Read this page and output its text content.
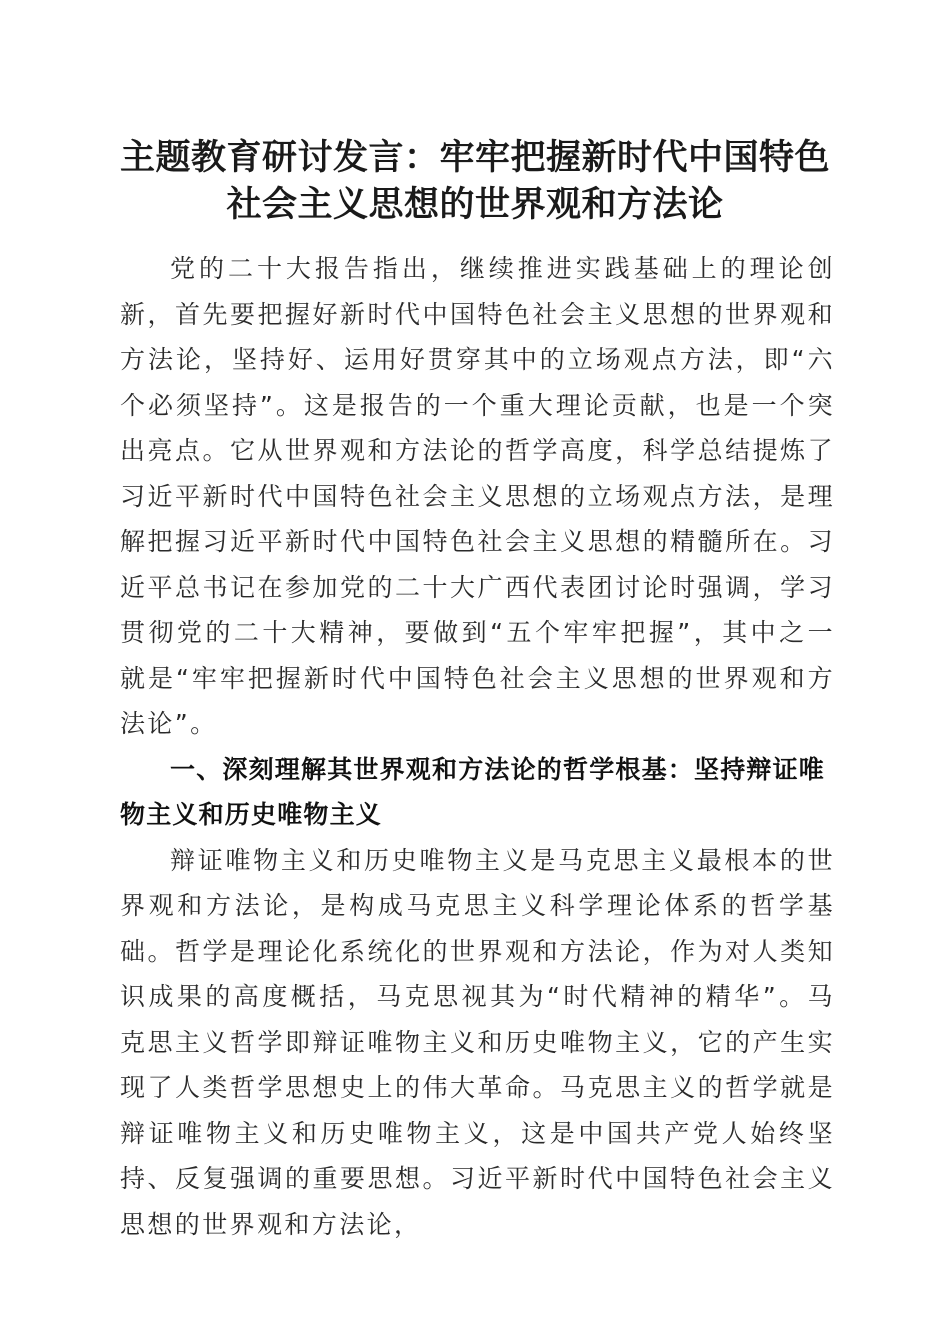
主题教育研讨发言：牢牢把握新时代中国特色
社会主义思想的世界观和方法论

党的二十大报告指出，继续推进实践基础上的理论创新，首先要把握好新时代中国特色社会主义思想的世界观和方法论，坚持好、运用好贯穿其中的立场观点方法，即“六个必须坚持”。这是报告的一个重大理论贡献，也是一个突出亮点。它从世界观和方法论的哲学高度，科学总结提炼了习近平新时代中国特色社会主义思想的立场观点方法，是理解把握习近平新时代中国特色社会主义思想的精髓所在。习近平总书记在参加党的二十大广西代表团讨论时强调，学习贯彻党的二十大精神，要做到“五个牢牢把握”，其中之一就是“牢牢把握新时代中国特色社会主义思想的世界观和方法论”。

一、深刻理解其世界观和方法论的哲学根基：坚持辩证唯物主义和历史唯物主义

辩证唯物主义和历史唯物主义是马克思主义最根本的世界观和方法论，是构成马克思主义科学理论体系的哲学基础。哲学是理论化系统化的世界观和方法论，作为对人类知识成果的高度概括，马克思视其为“时代精神的精华”。马克思主义哲学即辩证唯物主义和历史唯物主义，它的产生实现了人类哲学思想史上的伟大革命。马克思主义的哲学就是辩证唯物主义和历史唯物主义，这是中国共产党人始终坚持、反复强调的重要思想。习近平新时代中国特色社会主义思想的世界观和方法论，
